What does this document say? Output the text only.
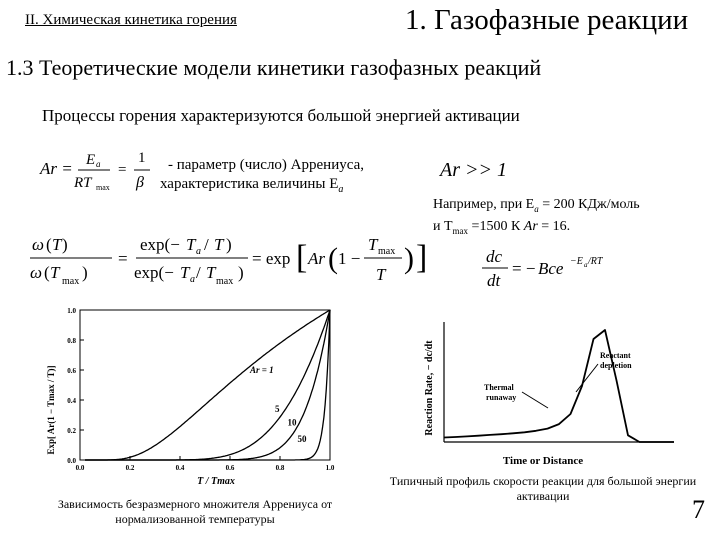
II. Химическая кинетика горения	1. Газофазные реакции
1.3 Теоретические модели кинетики газофазных реакций
Процессы горения характеризуются большой энергией активации
Ar = E a
RT max
=
1
β
- параметр (число) Аррениуса,
характеристика величины $E_a$
Ar >> 1
Например, при $E_a = 200$ КДж/моль
и $T_{max} =1500$ К Ar = 16.
ω ( T )
ω ( T max )
=
exp(− T a / T )
exp(− T a / T max )
= exp [ Ar ( 1 −
T max
T ) ]	dc
dt
= − Bce −E a /RT
0.0
0.2
0.4
0.6
0.8
1.0
0.0	0.2	0.4	0.6	0.8	1.0
Ar = 1
5
10
50
Exp[ Ar(1 − Tmax / T)]
T / Tmax
Reactant
depletion
Thermal
runaway
Reaction Rate, − dc/dt
Time or Distance
Зависимость безразмерного множителя Аррениуса от нормализованной температуры
Типичный профиль скорости реакции для большой энергии активации	7
